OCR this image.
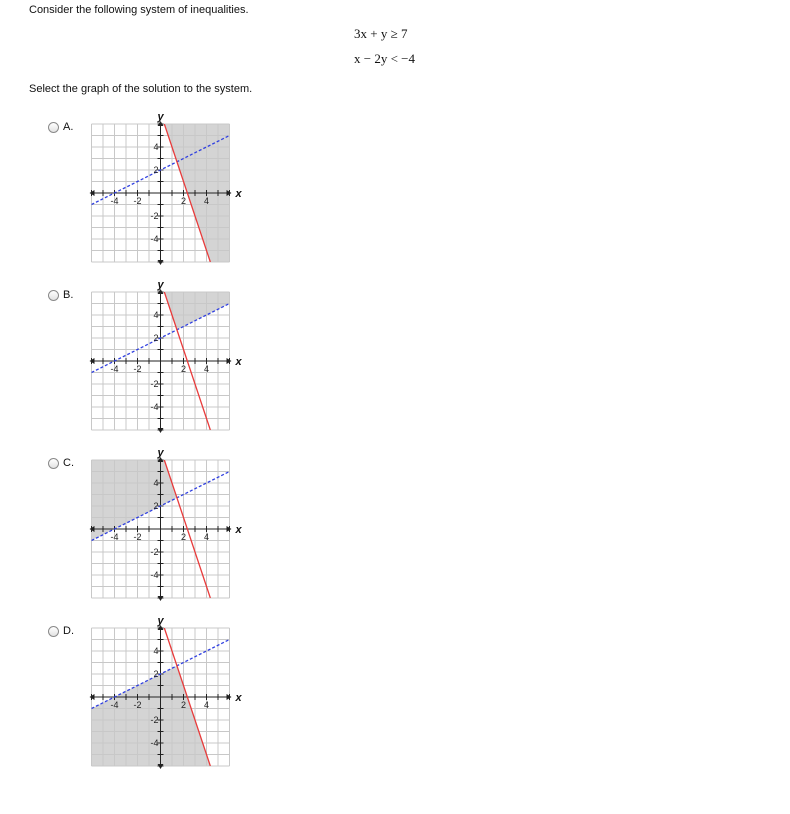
Consider the following system of inequalities.
3x + y ≥ 7
x − 2y < −4
Select the graph of the solution to the system.
A.
-4 -2	2 4
4
2
-2
-4
x
y
B.
-4 -2	2 4
4
2
-2
-4
x
y
C.
-4 -2	2 4
4
2
-2
-4
x
y
D.
-4 -2	2 4
4
2
-2
-4
x
y
